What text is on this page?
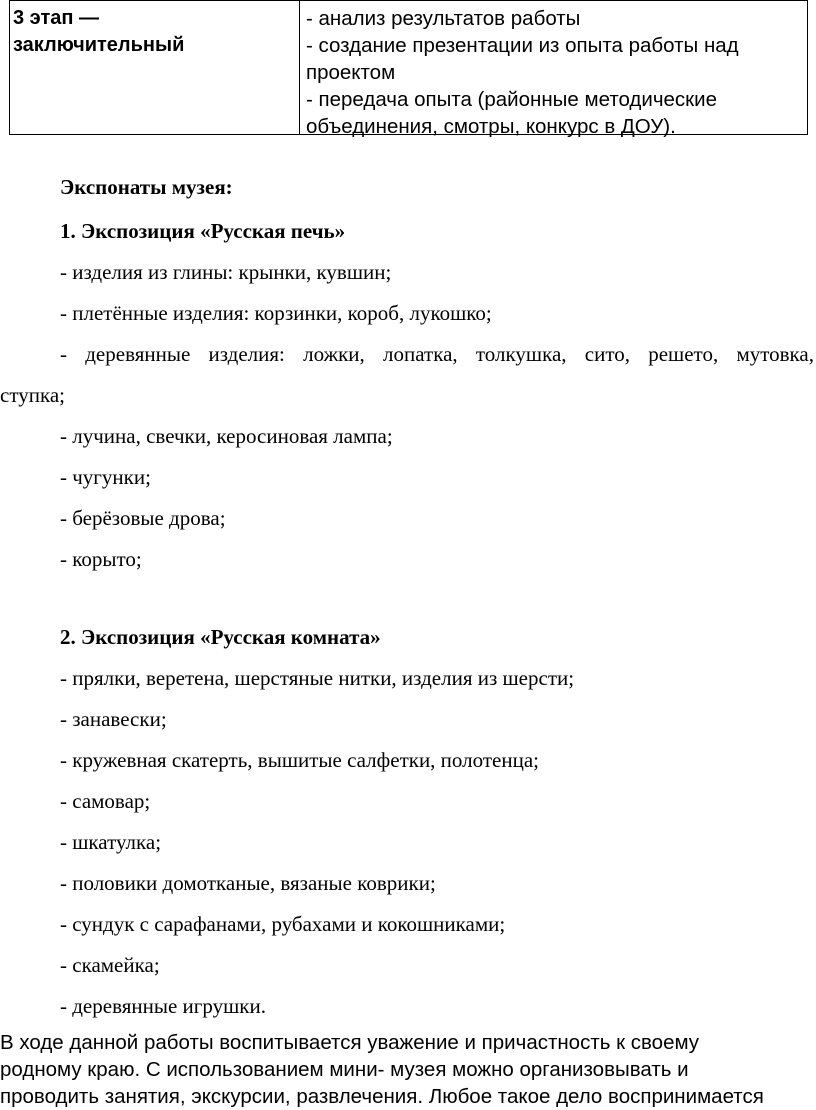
3 этап —
заключительный
- анализ результатов работы
- создание презентации из опыта работы над
проектом
- передача опыта (районные методические
объединения, смотры, конкурс в ДОУ).
Экспонаты музея:
1. Экспозиция «Русская печь»
- изделия из глины: крынки, кувшин;
- плетённые изделия: корзинки, короб, лукошко;
- деревянные изделия: ложки, лопатка, толкушка, сито, решето, мутовка,
ступка;
- лучина, свечки, керосиновая лампа;
- чугунки;
- берёзовые дрова;
- корыто;
2. Экспозиция «Русская комната»
- прялки, веретена, шерстяные нитки, изделия из шерсти;
- занавески;
- кружевная скатерть, вышитые салфетки, полотенца;
- самовар;
- шкатулка;
- половики домотканые, вязаные коврики;
- сундук с сарафанами, рубахами и кокошниками;
- скамейка;
- деревянные игрушки.
В ходе данной работы воспитывается уважение и причастность к своему
родному краю. С использованием мини- музея можно организовывать и
проводить занятия, экскурсии, развлечения. Любое такое дело воспринимается
